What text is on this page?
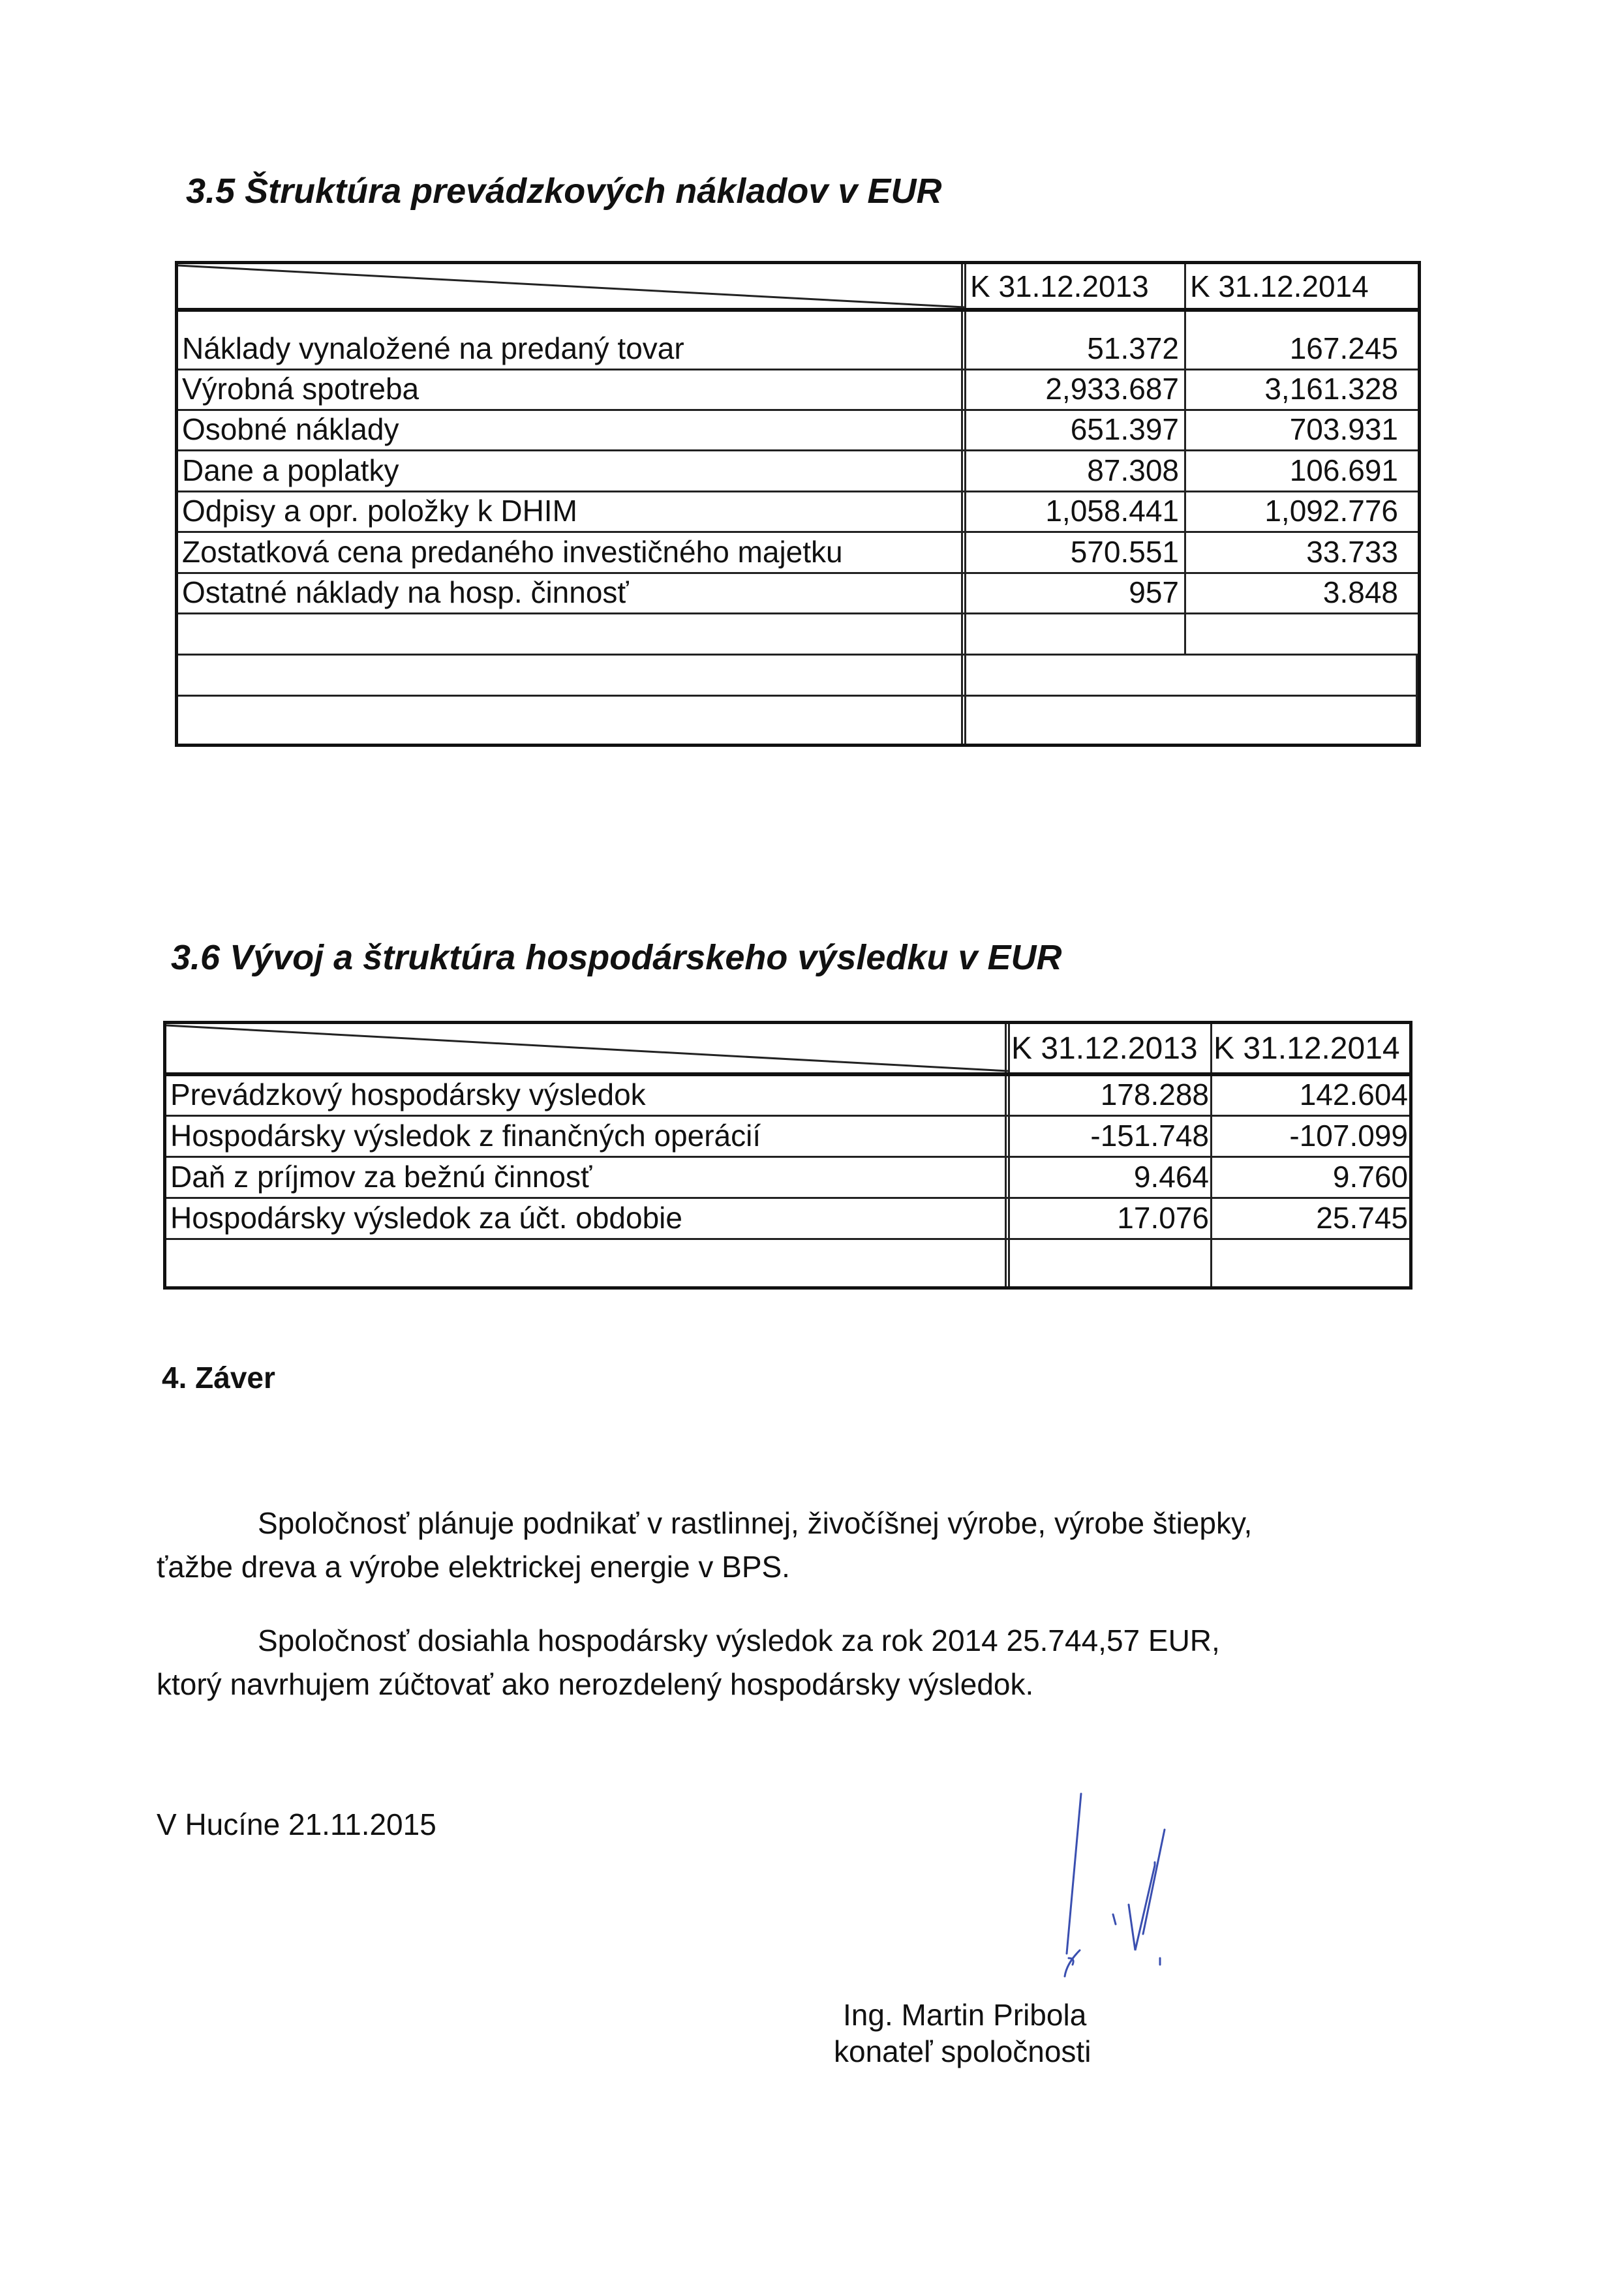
3.5 Štruktúra prevádzkových nákladov v EUR
K 31.12.2013	K 31.12.2014
Náklady vynaložené na predaný tovar	51.372	167.245
Výrobná spotreba	2,933.687	3,161.328
Osobné náklady	651.397	703.931
Dane a poplatky	87.308	106.691
Odpisy a opr. položky k DHIM	1,058.441	1,092.776
Zostatková cena predaného investičného majetku	570.551	33.733
Ostatné náklady na hosp. činnosť	957	3.848
3.6 Vývoj a štruktúra hospodárskeho výsledku v EUR
K 31.12.2013 K 31.12.2014
Prevádzkový hospodársky výsledok	178.288	142.604
Hospodársky výsledok z finančných operácií	-151.748	-107.099
Daň z príjmov za bežnú činnosť	9.464	9.760
Hospodársky výsledok za účt. obdobie	17.076	25.745
4. Záver
Spoločnosť plánuje podnikať v rastlinnej, živočíšnej výrobe, výrobe štiepky,
ťažbe dreva a výrobe elektrickej energie v BPS.
Spoločnosť dosiahla hospodársky výsledok za rok 2014 25.744,57 EUR,
ktorý navrhujem zúčtovať ako nerozdelený hospodársky výsledok.
V Hucíne 21.11.2015
Ing. Martin Pribola
konateľ spoločnosti
